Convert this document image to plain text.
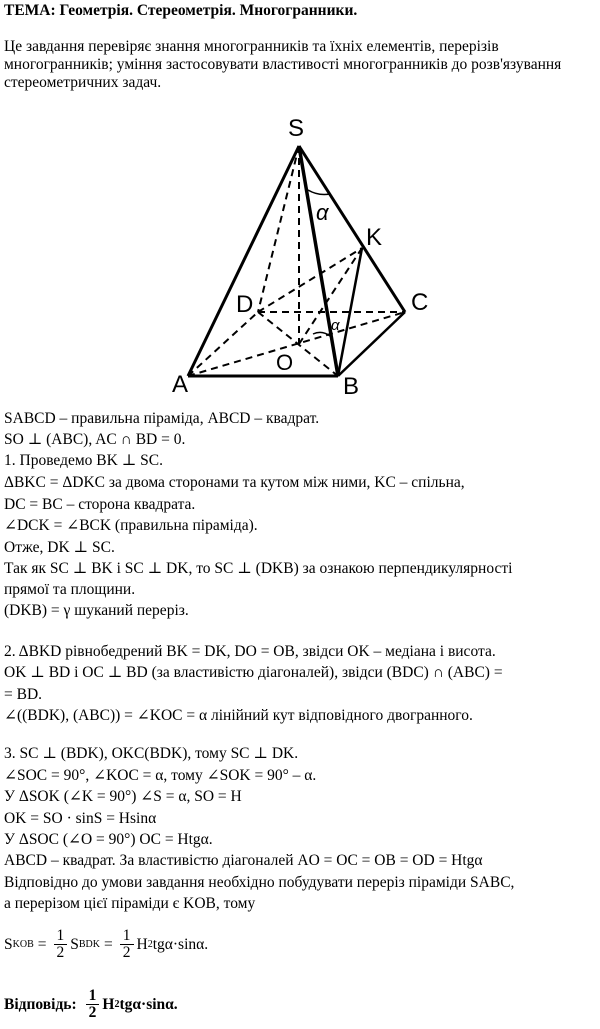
ТЕМА: Геометрія. Стереометрія. Многогранники.
Це завдання перевіряє знання многогранників та їхніх елементів, перерізів многогранників; уміння застосовувати властивості многогранників до розв'язування стереометричних задач.
S
A	B
C
D
K
O
α
α
SABCD – правильна піраміда, ABCD – квадрат.
SO ⊥ (ABC), AC ∩ BD = 0.
1. Проведемо BK ⊥ SC.
ΔBKC = ΔDKC за двома сторонами та кутом між ними, KC – спільна,
DC = BC – сторона квадрата.
∠DCK = ∠BCK (правильна піраміда).
Отже, DK ⊥ SC.
Так як SC ⊥ BK і SC ⊥ DK, то SC ⊥ (DKB) за ознакою перпендикулярності
прямої та площини.
(DKB) = γ шуканий переріз.
2. ΔBKD рівнобедрений BK = DK, DO = OB, звідси OK – медіана і висота.
OK ⊥ BD і OC ⊥ BD (за властивістю діагоналей), звідси (BDC) ∩ (ABC) =
= BD.
∠((BDK), (ABC)) = ∠KOC = α лінійний кут відповідного двогранного.
3. SC ⊥ (BDK), OKC(BDK), тому SC ⊥ DK.
∠SOC = 90°, ∠KOC = α, тому ∠SOK = 90° – α.
У ΔSOK (∠K = 90°) ∠S = α, SO = H
OK = SO · sinS = Hsinα
У ΔSOC (∠O = 90°) OC = Htgα.
ABCD – квадрат. За властивістю діагоналей AO = OC = OB = OD = Htgα
Відповідно до умови завдання необхідно побудувати переріз піраміди SABC,
а перерізом цієї піраміди є KOB, тому
S KOB = $\frac{1}{2}$ S BDK = $\frac{1}{2}$ H 2 tgα·sinα.
Відповідь: $\frac{1}{2}$ H 2 tgα·sinα.
